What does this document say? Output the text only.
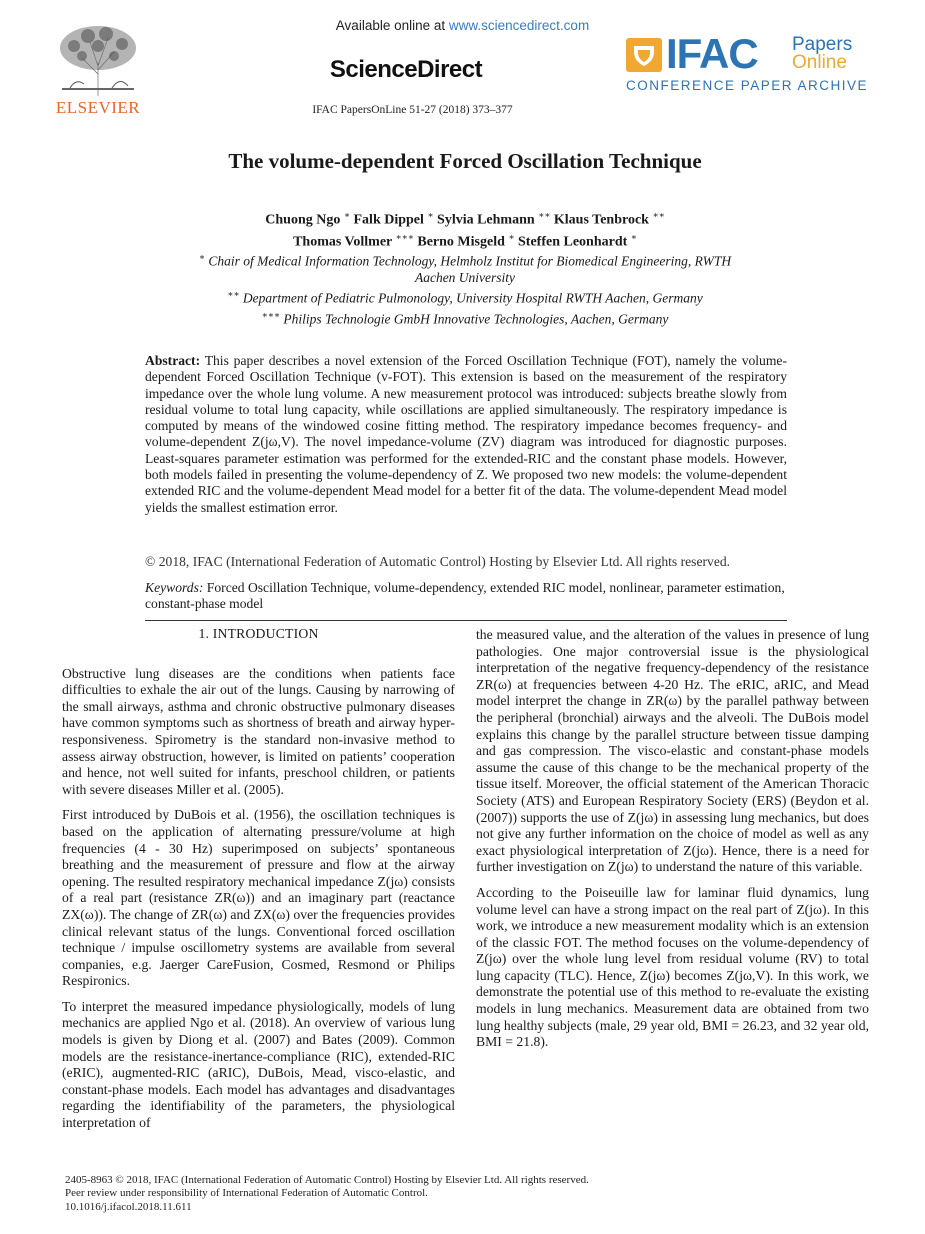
ELSEVIER
Available online at www.sciencedirect.com
ScienceDirect
IFAC PapersOnLine 51-27 (2018) 373–377
IFAC Papers
Online
CONFERENCE PAPER ARCHIVE
The volume-dependent Forced Oscillation Technique
Chuong Ngo ∗ Falk Dippel ∗ Sylvia Lehmann ∗∗ Klaus Tenbrock ∗∗
Thomas Vollmer ∗∗∗ Berno Misgeld ∗ Steffen Leonhardt ∗
∗ Chair of Medical Information Technology, Helmholz Institut for Biomedical Engineering, RWTH Aachen University
∗∗ Department of Pediatric Pulmonology, University Hospital RWTH Aachen, Germany
∗∗∗ Philips Technologie GmbH Innovative Technologies, Aachen, Germany
Abstract: This paper describes a novel extension of the Forced Oscillation Technique (FOT), namely the volume-dependent Forced Oscillation Technique (v-FOT). This extension is based on the measurement of the respiratory impedance over the whole lung volume. A new measurement protocol was introduced: subjects breathe slowly from residual volume to total lung capacity, while oscillations are applied simultaneously. The respiratory impedance is computed by means of the windowed cosine fitting method. The respiratory impedance becomes frequency- and volume-dependent Z(jω,V). The novel impedance-volume (ZV) diagram was introduced for diagnostic purposes. Least-squares parameter estimation was performed for the extended-RIC and the constant phase models. However, both models failed in presenting the volume-dependency of Z. We proposed two new models: the volume-dependent extended RIC and the volume-dependent Mead model for a better fit of the data. The volume-dependent Mead model yields the smallest estimation error.
© 2018, IFAC (International Federation of Automatic Control) Hosting by Elsevier Ltd. All rights reserved.
Keywords: Forced Oscillation Technique, volume-dependency, extended RIC model, nonlinear, parameter estimation, constant-phase model
1. INTRODUCTION

Obstructive lung diseases are the conditions when patients face difficulties to exhale the air out of the lungs. Causing by narrowing of the small airways, asthma and chronic obstructive pulmonary diseases have common symptoms such as shortness of breath and airway hyper-responsiveness. Spirometry is the standard non-invasive method to assess airway obstruction, however, is limited on patients’ cooperation and hence, not well suited for infants, preschool children, or patients with severe diseases Miller et al. (2005).

First introduced by DuBois et al. (1956), the oscillation techniques is based on the application of alternating pressure/volume at high frequencies (4 - 30 Hz) superimposed on subjects’ spontaneous breathing and the measurement of pressure and flow at the airway opening. The resulted respiratory mechanical impedance Z(jω) consists of a real part (resistance ZR(ω)) and an imaginary part (reactance ZX(ω)). The change of ZR(ω) and ZX(ω) over the frequencies provides clinical relevant status of the lungs. Conventional forced oscillation technique / impulse oscillometry systems are available from several companies, e.g. Jaerger CareFusion, Cosmed, Resmond or Philips Respironics.

To interpret the measured impedance physiologically, models of lung mechanics are applied Ngo et al. (2018). An overview of various lung models is given by Diong et al. (2007) and Bates (2009). Common models are the resistance-inertance-compliance (RIC), extended-RIC (eRIC), augmented-RIC (aRIC), DuBois, Mead, visco-elastic, and constant-phase models. Each model has advantages and disadvantages regarding the identifiability of the parameters, the physiological interpretation of

the measured value, and the alteration of the values in presence of lung pathologies. One major controversial issue is the physiological interpretation of the negative frequency-dependency of the resistance ZR(ω) at frequencies between 4-20 Hz. The eRIC, aRIC, and Mead model interpret the change in ZR(ω) by the parallel pathway between the peripheral (bronchial) airways and the alveoli. The DuBois model explains this change by the parallel structure between tissue damping and gas compression. The visco-elastic and constant-phase models assume the cause of this change to be the mechanical property of the tissue itself. Moreover, the official statement of the American Thoracic Society (ATS) and European Respiratory Society (ERS) (Beydon et al. (2007)) supports the use of Z(jω) in assessing lung mechanics, but does not give any further information on the choice of model as well as any exact physiological interpretation of Z(jω). Hence, there is a need for further investigation on Z(jω) to understand the nature of this variable.

According to the Poiseuille law for laminar fluid dynamics, lung volume level can have a strong impact on the real part of Z(jω). In this work, we introduce a new measurement modality which is an extension of the classic FOT. The method focuses on the volume-dependency of Z(jω) over the whole lung level from residual volume (RV) to total lung capacity (TLC). Hence, Z(jω) becomes Z(jω,V). In this work, we demonstrate the potential use of this method to re-evaluate the existing models in lung mechanics. Measurement data are obtained from two lung healthy subjects (male, 29 year old, BMI = 26.23, and 32 year old, BMI = 21.8).

2405-8963 © 2018, IFAC (International Federation of Automatic Control) Hosting by Elsevier Ltd. All rights reserved.
Peer review under responsibility of International Federation of Automatic Control.
10.1016/j.ifacol.2018.11.611
